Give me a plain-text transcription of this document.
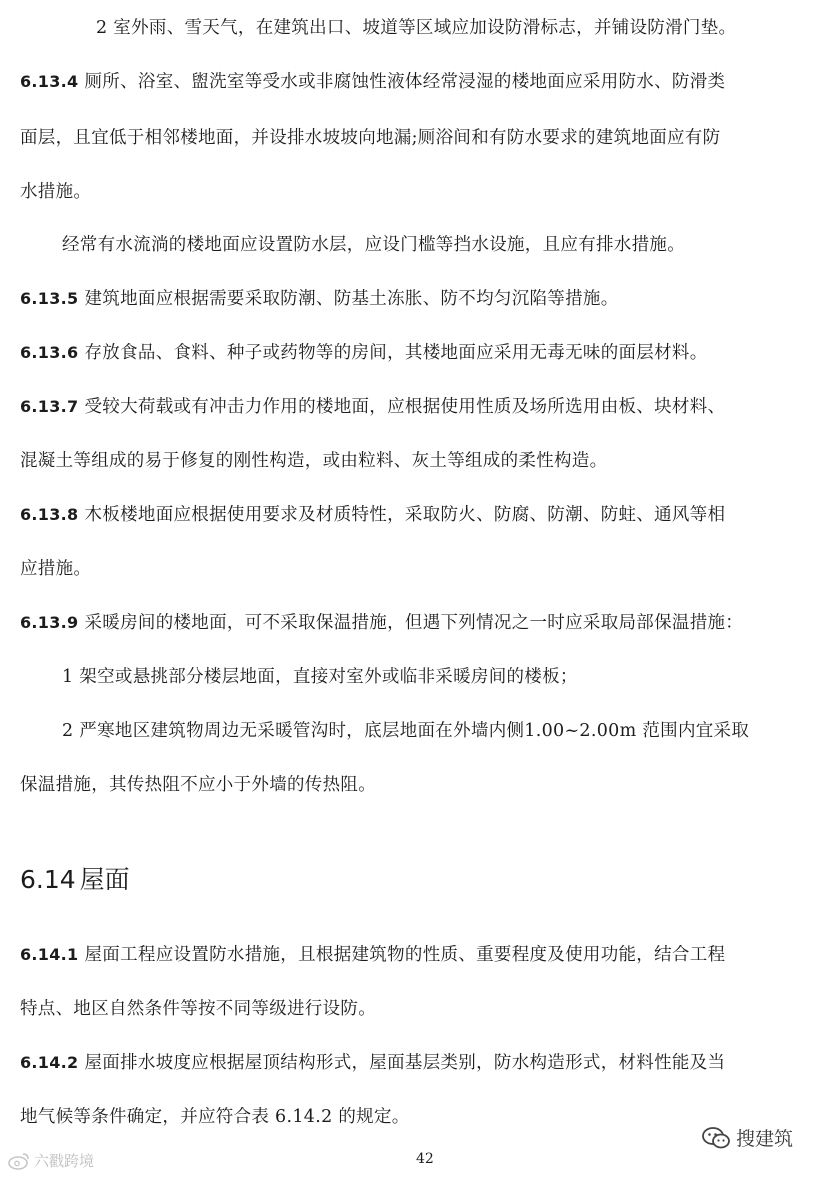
2 室外雨、雪天气，在建筑出口、坡道等区域应加设防滑标志，并铺设防滑门垫。
6.13.4 厕所、浴室、盥洗室等受水或非腐蚀性液体经常浸湿的楼地面应采用防水、防滑类
面层，且宜低于相邻楼地面，并设排水坡坡向地漏;厕浴间和有防水要求的建筑地面应有防
水措施。
经常有水流淌的楼地面应设置防水层，应设门槛等挡水设施，且应有排水措施。
6.13.5 建筑地面应根据需要采取防潮、防基土冻胀、防不均匀沉陷等措施。
6.13.6 存放食品、食料、种子或药物等的房间，其楼地面应采用无毒无味的面层材料。
6.13.7 受较大荷载或有冲击力作用的楼地面，应根据使用性质及场所选用由板、块材料、
混凝土等组成的易于修复的刚性构造，或由粒料、灰土等组成的柔性构造。
6.13.8 木板楼地面应根据使用要求及材质特性，采取防火、防腐、防潮、防蛀、通风等相
应措施。
6.13.9 采暖房间的楼地面，可不采取保温措施，但遇下列情况之一时应采取局部保温措施：
1 架空或悬挑部分楼层地面，直接对室外或临非采暖房间的楼板；
2 严寒地区建筑物周边无采暖管沟时，底层地面在外墙内侧1.00~2.00m 范围内宜采取
保温措施，其传热阻不应小于外墙的传热阻。
6.14 屋面
6.14.1 屋面工程应设置防水措施，且根据建筑物的性质、重要程度及使用功能，结合工程
特点、地区自然条件等按不同等级进行设防。
6.14.2 屋面排水坡度应根据屋顶结构形式，屋面基层类别，防水构造形式，材料性能及当
地气候等条件确定，并应符合表 6.14.2 的规定。
搜建筑
42
六戳跨境
